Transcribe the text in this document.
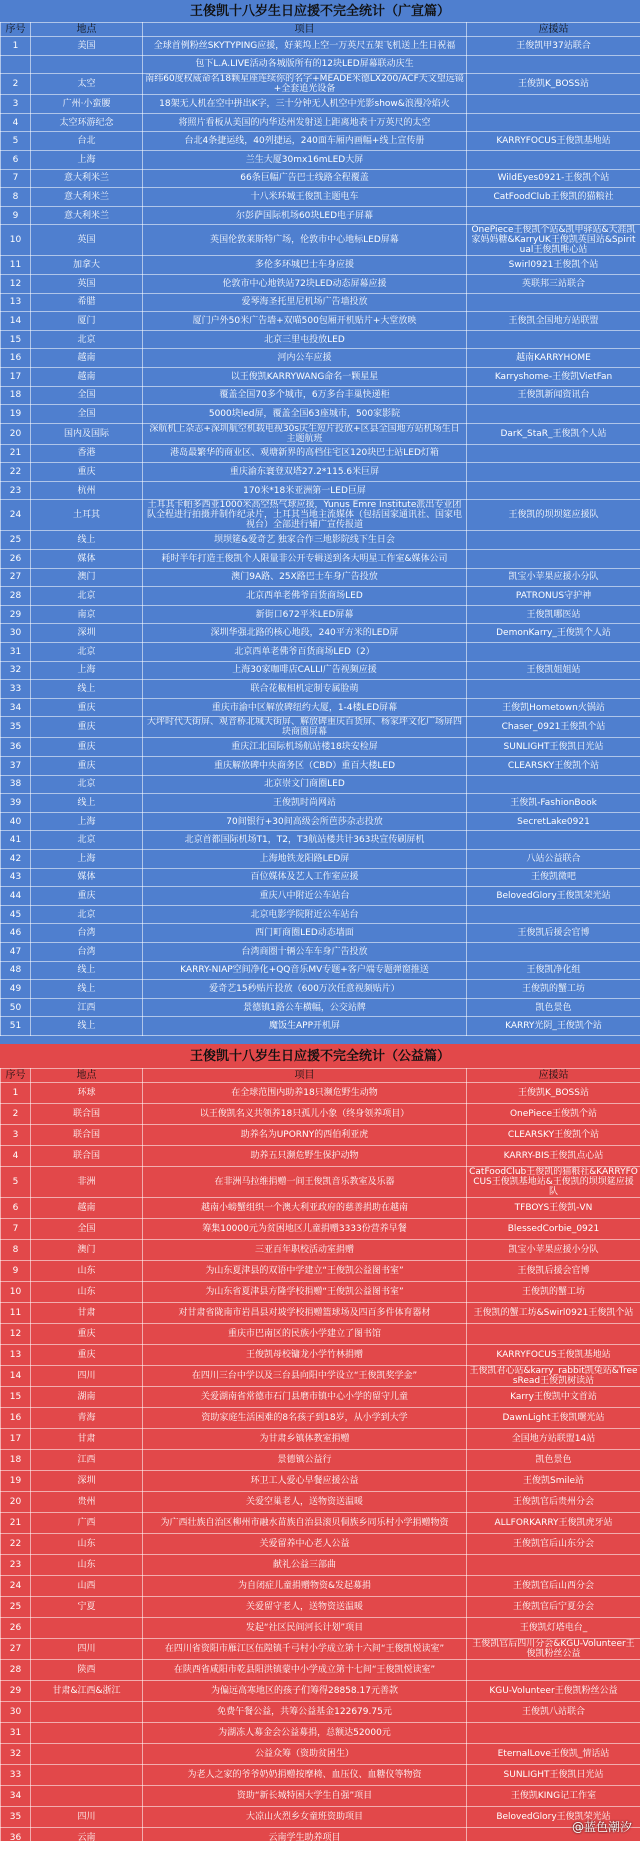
王俊凯十八岁生日应援不完全统计（广宣篇）
序号	地点	项目	应援站
1	美国	全球首例粉丝SKYTYPING应援，好莱坞上空一万英尺五架飞机送上生日祝福	王俊凯甲37站联合
		包下L.A.LIVE活动各城版所有的12块LED屏幕联动庆生	
2	太空	南纬60度权威命名18颗星座连续你的名字+MEADE米德LX200/ACF天文望远镜+全套追光设备	王俊凯K_BOSS站
3	广州·小蛮腰	18架无人机在空中拼出K字，三十分钟无人机空中光影show&浪漫冷焰火	
4	太空环游纪念	将照片看板从美国的内华达州发射送上距离地表十万英尺的太空	
5	台北	台北4条捷运线，40列捷运，240面车厢内画幅+线上宣传册	KARRYFOCUS王俊凯基地站
6	上海	兰生大厦30mx16mLED大屏	
7	意大利米兰	66条巨幅广告巴士线路全程覆盖	WildEyes0921-王俊凯个站
8	意大利米兰	十八米环城王俊凯主题电车	CatFoodClub王俊凯的猫粮社
9	意大利米兰	尔彭萨国际机场60块LED电子屏幕	
10	英国	英国伦敦莱斯特广场，伦敦市中心地标LED屏幕	OnePiece王俊凯个站&凯甲驿站&天涯凯家妈妈糖&KarryUK王俊凯英国站&Spiritual王俊凯唯心站
11	加拿大	多伦多环城巴士车身应援	Swirl0921王俊凯个站
12	英国	伦敦市中心地铁站72块LED动态屏幕应援	英联邦三站联合
13	希腊	爱琴海圣托里尼机场广告墙投放	
14	厦门	厦门户外50米广告墙+双喵500包厢开机贴片+大堂放映	王俊凯全国地方站联盟
15	北京	北京三里屯投放LED	
16	越南	河内公车应援	越南KARRYHOME
17	越南	以王俊凯KARRYWANG命名一颗星星	Karryshome-王俊凯VietFan
18	全国	覆盖全国70多个城市，6万多台丰巢快递柜	王俊凯新闻资讯台
19	全国	5000块led屏，覆盖全国63座城市，500家影院	
20	国内及国际	深航机上杂志+深圳航空机载电视30s庆生短片投放+区县全国地方站机场生日主题航班	DarK_StaR_王俊凯个人站
21	香港	港岛最繁华的商业区、观塘新界的高档住宅区120块巴士站LED灯箱	
22	重庆	重庆渝东寰登双塔27.2*115.6米巨屏	
23	杭州	170米*18米亚洲第一LED巨屏	
24	土耳其	土耳其卡帕多西亚1000米高空热气球应援，Yunus Emre Institute派出专业团队全程进行拍摄并制作纪录片，土耳其当地主流媒体（包括国家通讯社、国家电视台）全部进行辅广宣传报道	王俊凯的坝坝筵应援队
25	线上	坝坝筵&爱奇艺 独家合作三地影院线下生日会	
26	媒体	耗时半年打造王俊凯个人限量非公开专辑送到各大明星工作室&媒体公司	
27	澳门	澳门9A路、25X路巴士车身广告投放	凯宝小苹果应援小分队
28	北京	北京西单老佛爷百货商场LED	PATRONUS守护神
29	南京	新街口672平米LED屏幕	王俊凯哪医站
30	深圳	深圳华强北路的核心地段，240平方米的LED屏	DemonKarry_王俊凯个人站
31	北京	北京西单老佛爷百货商场LED（2）	
32	上海	上海30家咖啡店CALLI广告视频应援	王俊凯姐姐站
33	线上	联合花椒相机定制专属脸萌	
34	重庆	重庆市渝中区解放碑纽约大厦，1-4楼LED屏幕	王俊凯Hometown火锅站
35	重庆	大坪时代天街屏、观音桥北城天街屏、解放碑重庆百货屏、杨家坪文化广场屏四块商圈屏幕	Chaser_0921王俊凯个站
36	重庆	重庆江北国际机场航站楼18块安检屏	SUNLIGHT王俊凯日光站
37	重庆	重庆解放碑中央商务区（CBD）重百大楼LED	CLEARSKY王俊凯个站
38	北京	北京崇文门商圈LED	
39	线上	王俊凯时尚网站	王俊凯-FashionBook
40	上海	70间银行+30间高级会所芭莎杂志投放	SecretLake0921
41	北京	北京首都国际机场T1，T2，T3航站楼共计363块宣传刷屏机	
42	上海	上海地铁龙阳路LED屏	八站公益联合
43	媒体	百位媒体及艺人工作室应援	王俊凯微吧
44	重庆	重庆八中附近公车站台	BelovedGlory王俊凯荣光站
45	北京	北京电影学院附近公车站台	
46	台湾	西门町商圈LED动态墙面	王俊凯后援会官博
47	台湾	台湾商圈十辆公车车身广告投放	
48	线上	KARRY-NIAP空间净化+QQ音乐MV专题+客户端专题弹窗推送	王俊凯净化组
49	线上	爱奇艺15秒贴片投放（600万次任意视频贴片）	王俊凯的蟹工坊
50	江西	景德镇1路公车横幅，公交站牌	凯色景色
51	线上	魔饭生APP开机屏	KARRY光阴_王俊凯个站
王俊凯十八岁生日应援不完全统计（公益篇）
序号	地点	项目	应援站
1	环球	在全球范围内助养18只濒危野生动物	王俊凯K_BOSS站
2	联合国	以王俊凯名义共领养18只孤儿小象（终身领养项目）	OnePiece王俊凯个站
3	联合国	助养名为UPORNY的西伯利亚虎	CLEARSKY王俊凯个站
4	联合国	助养五只濒危野生保护动物	KARRY-BIS王俊凯点心站
5	非洲	在非洲马拉维捐赠一间王俊凯音乐教室及乐器	CatFoodClub王俊凯的猫粮社&KARRYFOCUS王俊凯基地站&王俊凯的坝坝筵应援队
6	越南	越南小螃蟹组织一个澳大利亚政府的慈善捐助在越南	TFBOYS王俊凯-VN
7	全国	筹集10000元为贫困地区儿童捐赠3333份营养早餐	BlessedCorbie_0921
8	澳门	三亚百年职校活动室捐赠	凯宝小苹果应援小分队
9	山东	为山东夏津县的双语中学建立“王俊凯公益图书室”	王俊凯后援会官博
10	山东	为山东省夏津县方隆学校捐赠“王俊凯公益图书室”	王俊凯的蟹工坊
11	甘肃	对甘肃省陇南市岩昌县对坡学校捐赠篮球场及四百多件体育器材	王俊凯的蟹工坊&Swirl0921王俊凯个站
12	重庆	重庆市巴南区的民族小学建立了图书馆	
13	重庆	王俊凯母校镛龙小学竹林捐赠	KARRYFOCUS王俊凯基地站
14	四川	在四川三台中学以及三台县向阳中学设立“王俊凯奖学金”	王俊凯君心站&karry_rabbit凯兔站&TreesRead王俊凯树读站
15	湖南	关爱湖南省常德市石门县磨市镇中心小学的留守儿童	Karry王俊凯中文首站
16	青海	资助家庭生活困难的8名孩子到18岁，从小学到大学	DawnLight王俊凯曙光站
17	甘肃	为甘肃乡镇体教室捐赠	全国地方站联盟14站
18	江西	景德镇公益行	凯色景色
19	深圳	环卫工人爱心早餐应援公益	王俊凯Smile站
20	贵州	关爱空巢老人，送物资送温暖	王俊凯官后贵州分会
21	广西	为广西壮族自治区柳州市融水苗族自治县滚贝侗族乡同乐村小学捐赠物资	ALLFORKARRY王俊凯虎牙站
22	山东	关爱留养中心老人公益	王俊凯官后山东分会
23	山东	献礼公益三部曲	
24	山西	为自闭症儿童捐赠物资&发起募捐	王俊凯官后山西分会
25	宁夏	关爱留守老人，送物资送温暖	王俊凯官后宁夏分会
26		发起“社区民间河长计划”项目	王俊凯灯塔电台_
27	四川	在四川省资阳市雁江区伍隍镇千弓村小学成立第十六间“王俊凯悦读室”	王俊凯官后四川分会&KGU-Volunteer王俊凯粉丝公益
28	陕西	在陕西省咸阳市乾县阳洪镇蒙中小学成立第十七间“王俊凯悦读室”	
29	甘肃&江西&浙江	为偏远高寒地区的孩子们筹得28858.17元善款	KGU-Volunteer王俊凯粉丝公益
30		免费午餐公益，共筹公益基金122679.75元	王俊凯八站联合
31		为湖冻人募金会公益募捐，总额达52000元	
32		公益众筹（资助贫困生）	EternalLove王俊凯_情话站
33		为老人之家的爷爷奶奶捐赠按摩椅、血压仪、血糖仪等物资	SUNLIGHT王俊凯日光站
34		资助“新长城特困大学生自强”项目	王俊凯KING记工作室
35	四川	大凉山火烈乡女童班资助项目	BelovedGlory王俊凯荣光站
36	云南	云南学生助养项目	
37		献礼公益，北极兔	Blau…
@蓝色潮汐
